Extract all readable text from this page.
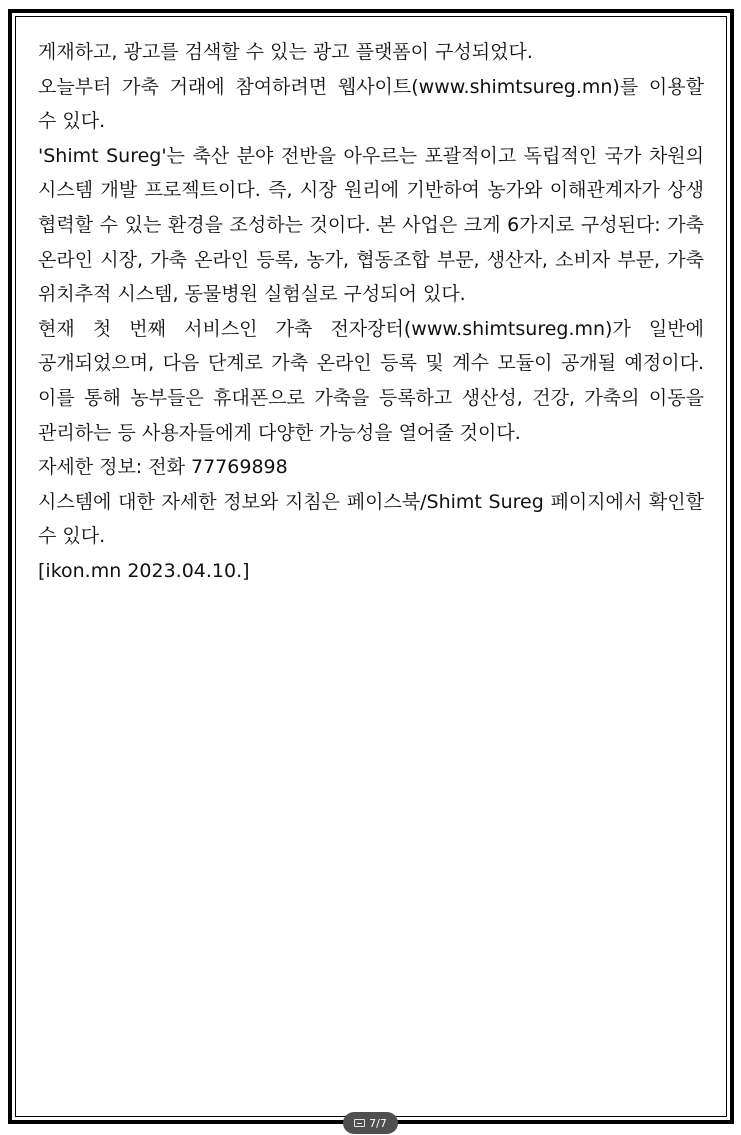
게재하고, 광고를 검색할 수 있는 광고 플랫폼이 구성되었다.

오늘부터 가축 거래에 참여하려면 웹사이트(www.shimtsureg.mn)를 이용할 수 있다.

'Shimt Sureg'는 축산 분야 전반을 아우르는 포괄적이고 독립적인 국가 차원의 시스템 개발 프로젝트이다. 즉, 시장 원리에 기반하여 농가와 이해관계자가 상생 협력할 수 있는 환경을 조성하는 것이다. 본 사업은 크게 6가지로 구성된다: 가축 온라인 시장, 가축 온라인 등록, 농가, 협동조합 부문, 생산자, 소비자 부문, 가축 위치추적 시스템, 동물병원 실험실로 구성되어 있다.

현재 첫 번째 서비스인 가축 전자장터(www.shimtsureg.mn)가 일반에 공개되었으며, 다음 단계로 가축 온라인 등록 및 계수 모듈이 공개될 예정이다. 이를 통해 농부들은 휴대폰으로 가축을 등록하고 생산성, 건강, 가축의 이동을 관리하는 등 사용자들에게 다양한 가능성을 열어줄 것이다.

자세한 정보: 전화 77769898

시스템에 대한 자세한 정보와 지침은 페이스북/Shimt Sureg 페이지에서 확인할 수 있다.

[ikon.mn 2023.04.10.]

7/7
